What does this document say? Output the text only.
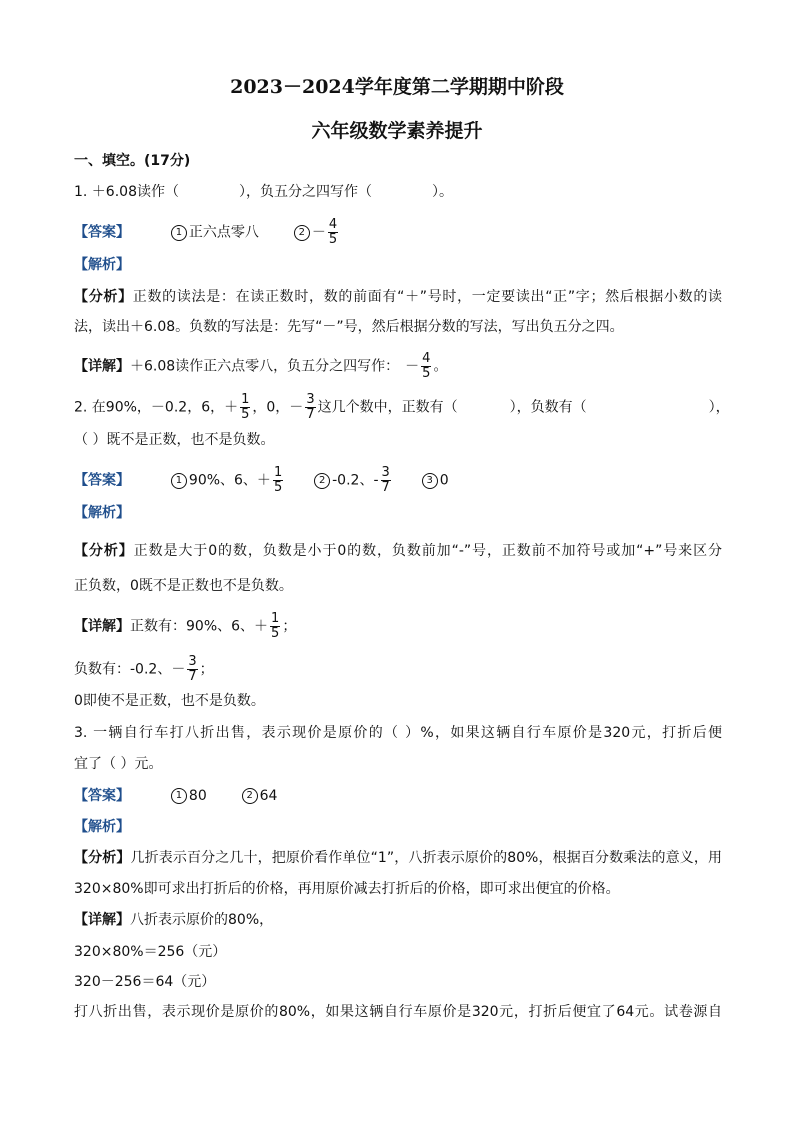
2023－2024学年度第二学期期中阶段
六年级数学素养提升
一、填空。(17分)
1. ＋6.08读作（	），负五分之四写作（	）。
【答案】	1 正六点零八	$2 - \frac{4}{5}$
【解析】
【分析】正数的读法是：在读正数时，数的前面有“＋”号时，一定要读出“正”字；然后根据小数的读
法，读出＋6.08。负数的写法是：先写“－”号，然后根据分数的写法，写出负五分之四。
【详解】＋6.08读作正六点零八，负五分之四写作： － $\frac{4}{5}$ 。
2. 在90%，－0.2，6，＋ $\frac{1}{5}$ ，0，－ $\frac{3}{7}$ 这几个数中，正数有（	），负数有（	），
（ ）既不是正数，也不是负数。
【答案】	1 90%、6、＋ $\frac{1}{5}$	2 -0.2、- $\frac{3}{7}$	3 0
【解析】
【分析】正数是大于0的数，负数是小于0的数，负数前加“-”号，正数前不加符号或加“+”号来区分
正负数，0既不是正数也不是负数。
【详解】正数有：90%、6、＋ $\frac{1}{5}$ ；
负数有：-0.2、－ $\frac{3}{7}$ ；
0即使不是正数，也不是负数。
3. 一辆自行车打八折出售，表示现价是原价的（ ）%，如果这辆自行车原价是320元，打折后便
宜了（ ）元。
【答案】	1 80	2 64
【解析】
【分析】几折表示百分之几十，把原价看作单位“1”，八折表示原价的80%，根据百分数乘法的意义，用
320×80%即可求出打折后的价格，再用原价减去打折后的价格，即可求出便宜的价格。
【详解】八折表示原价的80%，
320×80%＝256（元）
320－256＝64（元）
打八折出售，表示现价是原价的80%，如果这辆自行车原价是320元，打折后便宜了64元。试卷源自
